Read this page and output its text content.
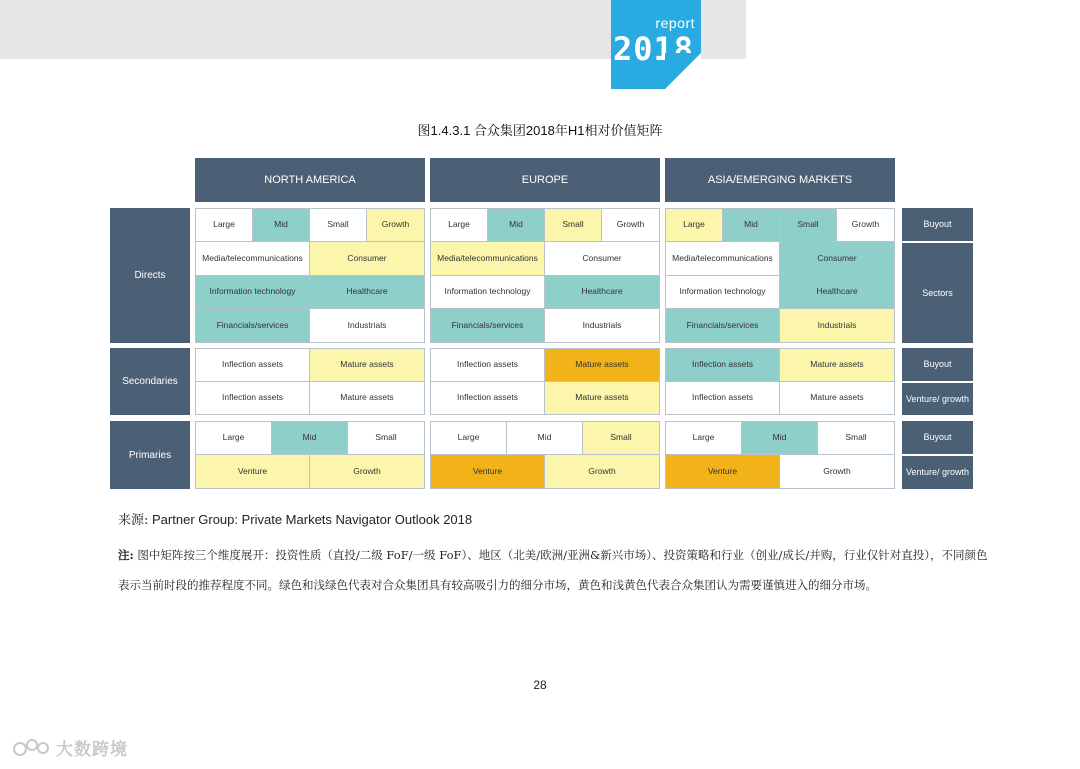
report
2018
图1.4.3.1 合众集团2018年H1相对价值矩阵
NORTH AMERICA	EUROPE	ASIA/EMERGING MARKETS
Directs
Secondaries
Primaries
Large	Mid	Small	Growth
Media/telecommunications	Consumer
Information technology	Healthcare
Financials/services	Industrials
Inflection assets	Mature assets
Inflection assets	Mature assets
Large	Mid	Small
Venture	Growth
Large	Mid	Small	Growth
Media/telecommunications	Consumer
Information technology	Healthcare
Financials/services	Industrials
Inflection assets	Mature assets
Inflection assets	Mature assets
Large	Mid	Small
Venture	Growth
Large	Mid	Small	Growth
Media/telecommunications	Consumer
Information technology	Healthcare
Financials/services	Industrials
Inflection assets	Mature assets
Inflection assets	Mature assets
Large	Mid	Small
Venture	Growth
Buyout
Sectors
Buyout
Venture/ growth
Buyout
Venture/ growth
来源: Partner Group: Private Markets Navigator Outlook 2018
注: 图中矩阵按三个维度展开：投资性质（直投/二级 FoF/一级 FoF）、地区（北美/欧洲/亚洲&新兴市场）、投资策略和行业（创业/成长/并购，行业仅针对直投），不同颜色表示当前时段的推荐程度不同。绿色和浅绿色代表对合众集团具有较高吸引力的细分市场，黄色和浅黄色代表合众集团认为需要谨慎进入的细分市场。
28
大数跨境
